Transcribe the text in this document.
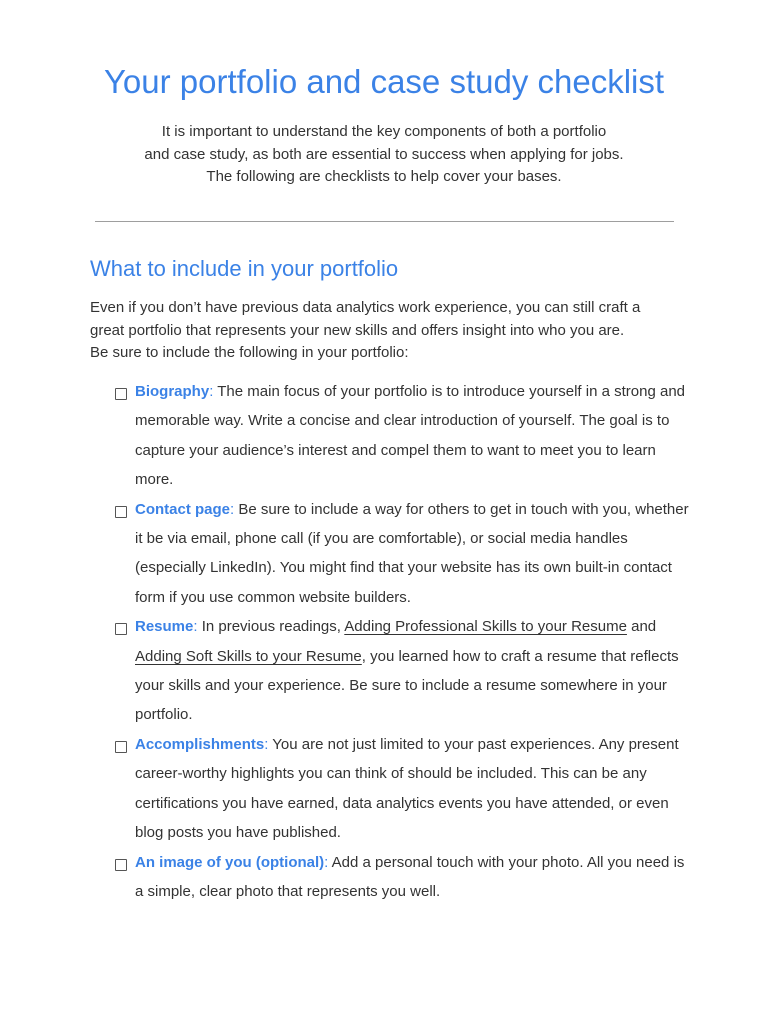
Your portfolio and case study checklist

It is important to understand the key components of both a portfolio

and case study, as both are essential to success when applying for jobs.

The following are checklists to help cover your bases.

What to include in your portfolio

Even if you don’t have previous data analytics work experience, you can still craft a

great portfolio that represents your new skills and offers insight into who you are.

Be sure to include the following in your portfolio:

Biography: The main focus of your portfolio is to introduce yourself in a strong and memorable way. Write a concise and clear introduction of yourself. The goal is to capture your audience’s interest and compel them to want to meet you to learn more.

Contact page: Be sure to include a way for others to get in touch with you, whether it be via email, phone call (if you are comfortable), or social media handles (especially LinkedIn). You might find that your website has its own built-in contact form if you use common website builders.

Resume: In previous readings, Adding Professional Skills to your Resume and Adding Soft Skills to your Resume, you learned how to craft a resume that reflects your skills and your experience. Be sure to include a resume somewhere in your portfolio.

Accomplishments: You are not just limited to your past experiences. Any present career-worthy highlights you can think of should be included. This can be any certifications you have earned, data analytics events you have attended, or even blog posts you have published.

An image of you (optional): Add a personal touch with your photo. All you need is a simple, clear photo that represents you well.
